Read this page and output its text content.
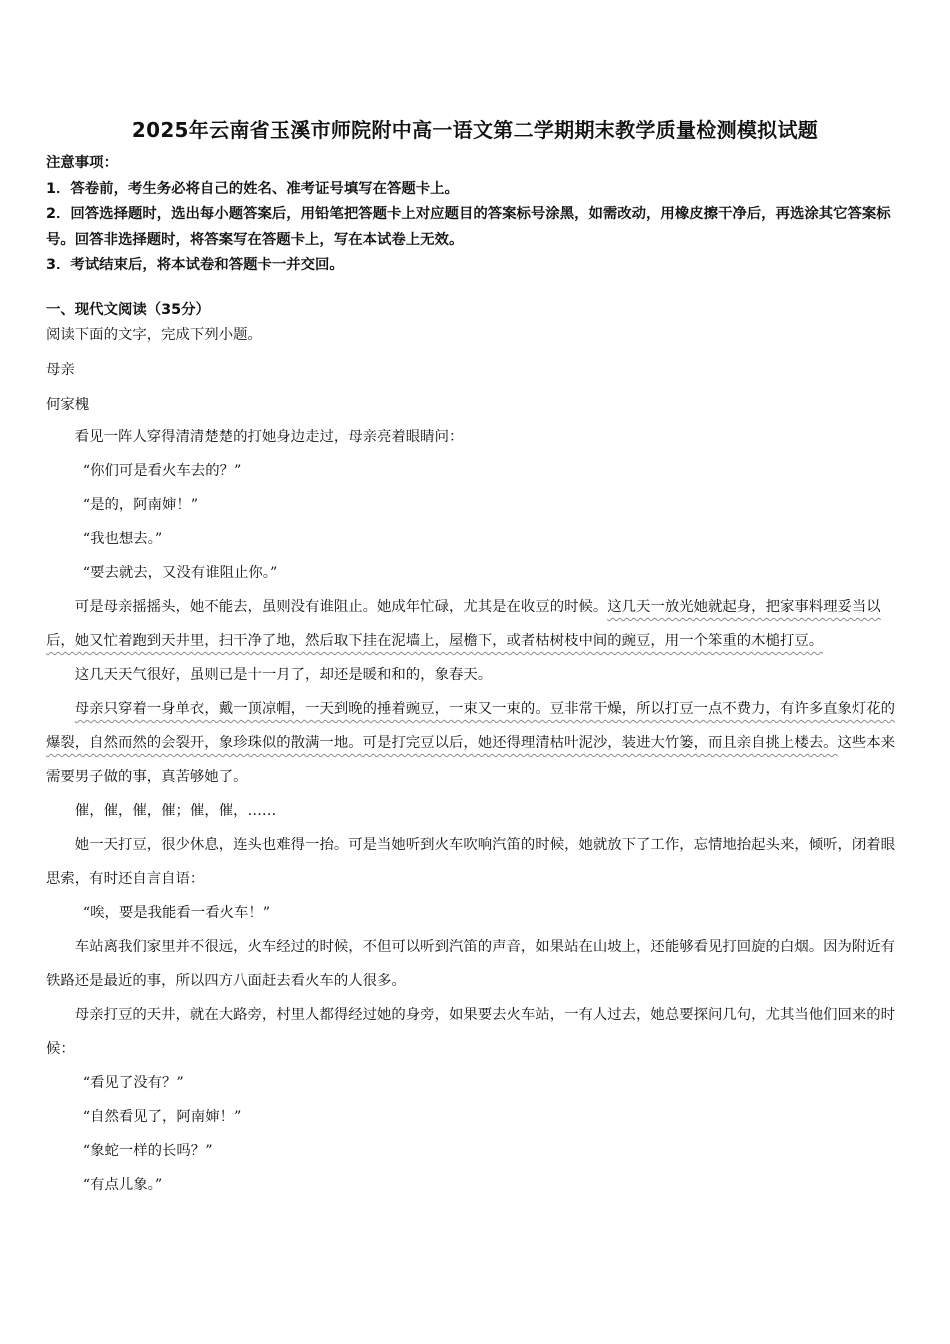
2025年云南省玉溪市师院附中高一语文第二学期期末教学质量检测模拟试题

注意事项：

1．答卷前，考生务必将自己的姓名、准考证号填写在答题卡上。

2．回答选择题时，选出每小题答案后，用铅笔把答题卡上对应题目的答案标号涂黑，如需改动，用橡皮擦干净后，再选涂其它答案标号。回答非选择题时，将答案写在答题卡上，写在本试卷上无效。

3．考试结束后，将本试卷和答题卡一并交回。

一、现代文阅读（35分）
阅读下面的文字，完成下列小题。
母亲
何家槐

看见一阵人穿得清清楚楚的打她身边走过，母亲亮着眼睛问：

“你们可是看火车去的？”

“是的，阿南婶！”

“我也想去。”

“要去就去，又没有谁阻止你。”

可是母亲摇摇头，她不能去，虽则没有谁阻止。她成年忙碌，尤其是在收豆的时候。这几天一放光她就起身，把家事料理妥当以后，她又忙着跑到天井里，扫干净了地，然后取下挂在泥墙上，屋檐下，或者枯树枝中间的豌豆，用一个笨重的木槌打豆。

这几天天气很好，虽则已是十一月了，却还是暖和和的，象春天。

母亲只穿着一身单衣，戴一顶凉帽，一天到晚的捶着豌豆，一束又一束的。豆非常干燥，所以打豆一点不费力，有许多直象灯花的爆裂，自然而然的会裂开，象珍珠似的散满一地。可是打完豆以后，她还得理清枯叶泥沙，装进大竹篓，而且亲自挑上楼去。这些本来需要男子做的事，真苦够她了。

催，催，催，催；催，催，……

她一天打豆，很少休息，连头也难得一抬。可是当她听到火车吹响汽笛的时候，她就放下了工作，忘情地抬起头来，倾听，闭着眼思索，有时还自言自语：

“唉，要是我能看一看火车！”

车站离我们家里并不很远，火车经过的时候，不但可以听到汽笛的声音，如果站在山坡上，还能够看见打回旋的白烟。因为附近有铁路还是最近的事，所以四方八面赶去看火车的人很多。

母亲打豆的天井，就在大路旁，村里人都得经过她的身旁，如果要去火车站，一有人过去，她总要探问几句，尤其当他们回来的时候：

“看见了没有？”

“自然看见了，阿南婶！”

“象蛇一样的长吗？”

“有点儿象。”
